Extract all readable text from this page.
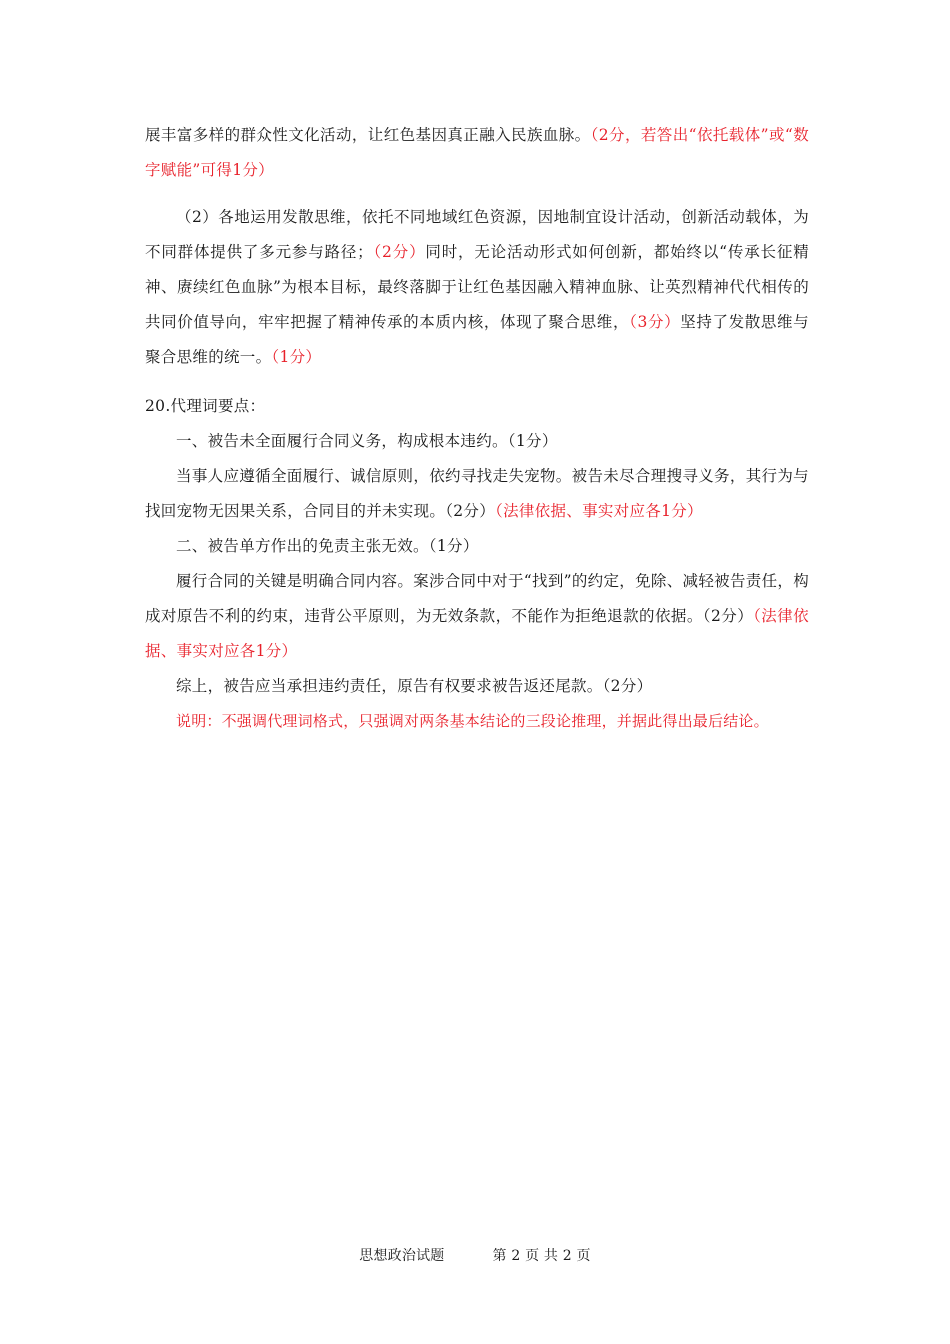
展丰富多样的群众性文化活动，让红色基因真正融入民族血脉。（2分，若答出“依托载体”或“数字赋能”可得1分）

（2）各地运用发散思维，依托不同地域红色资源，因地制宜设计活动，创新活动载体，为不同群体提供了多元参与路径；（2分）同时，无论活动形式如何创新，都始终以“传承长征精神、赓续红色血脉”为根本目标，最终落脚于让红色基因融入精神血脉、让英烈精神代代相传的共同价值导向，牢牢把握了精神传承的本质内核，体现了聚合思维，（3分）坚持了发散思维与聚合思维的统一。（1分）

20.代理词要点：

一、被告未全面履行合同义务，构成根本违约。（1分）

当事人应遵循全面履行、诚信原则，依约寻找走失宠物。被告未尽合理搜寻义务，其行为与找回宠物无因果关系，合同目的并未实现。（2分）（法律依据、事实对应各1分）

二、被告单方作出的免责主张无效。（1分）

履行合同的关键是明确合同内容。案涉合同中对于“找到”的约定，免除、减轻被告责任，构成对原告不利的约束，违背公平原则，为无效条款，不能作为拒绝退款的依据。（2分）（法律依据、事实对应各1分）

综上，被告应当承担违约责任，原告有权要求被告返还尾款。（2分）

说明：不强调代理词格式，只强调对两条基本结论的三段论推理，并据此得出最后结论。

思想政治试题	第 2 页 共 2 页
